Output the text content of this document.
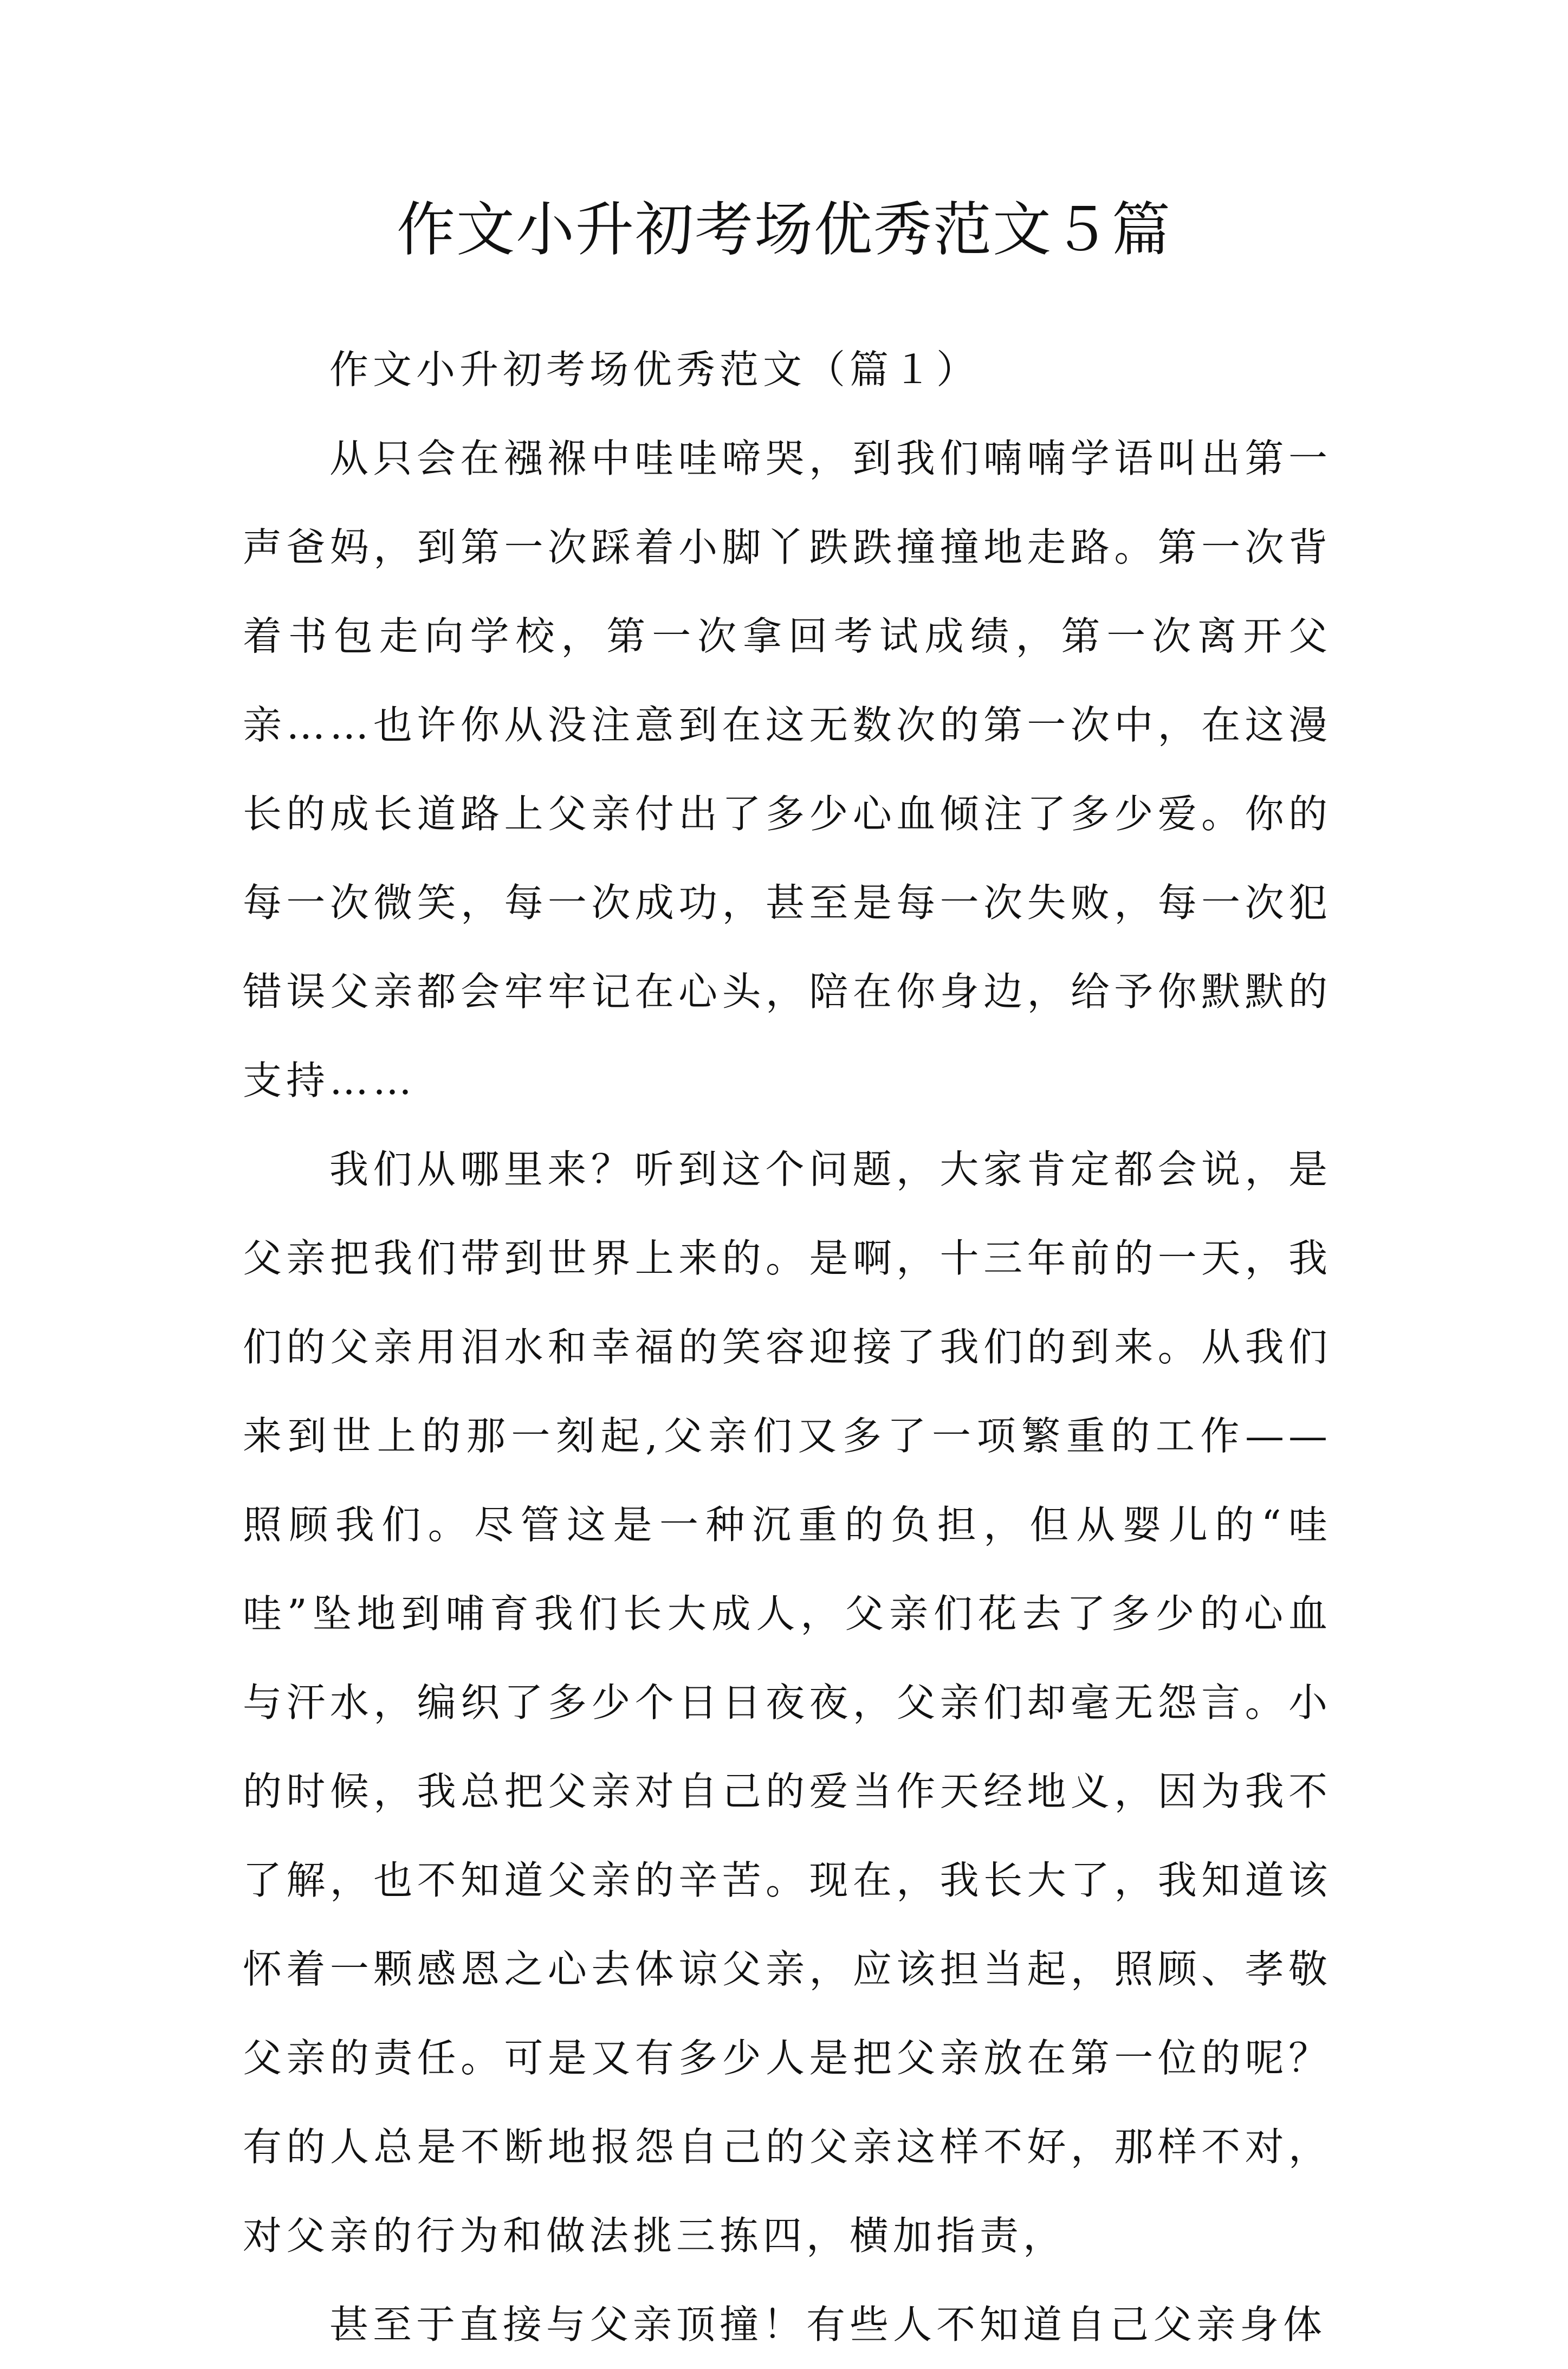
作文小升初考场优秀范文５篇

作文小升初考场优秀范文（篇１）

从只会在襁褓中哇哇啼哭，到我们喃喃学语叫出第一声爸妈，到第一次踩着小脚丫跌跌撞撞地走路。第一次背着书包走向学校，第一次拿回考试成绩，第一次离开父亲……也许你从没注意到在这无数次的第一次中，在这漫长的成长道路上父亲付出了多少心血倾注了多少爱。你的每一次微笑，每一次成功，甚至是每一次失败，每一次犯错误父亲都会牢牢记在心头，陪在你身边，给予你默默的支持……

我们从哪里来？听到这个问题，大家肯定都会说，是父亲把我们带到世界上来的。是啊，十三年前的一天，我们的父亲用泪水和幸福的笑容迎接了我们的到来。从我们来到世上的那一刻起,父亲们又多了一项繁重的工作——照顾我们。尽管这是一种沉重的负担，但从婴儿的“哇哇”坠地到哺育我们长大成人，父亲们花去了多少的心血与汗水，编织了多少个日日夜夜，父亲们却毫无怨言。小的时候，我总把父亲对自己的爱当作天经地义，因为我不了解，也不知道父亲的辛苦。现在，我长大了，我知道该怀着一颗感恩之心去体谅父亲，应该担当起，照顾、孝敬父亲的责任。可是又有多少人是把父亲放在第一位的呢？有的人总是不断地报怨自己的父亲这样不好，那样不对，对父亲的行为和做法挑三拣四，横加指责，

甚至于直接与父亲顶撞！有些人不知道自己父亲身体
